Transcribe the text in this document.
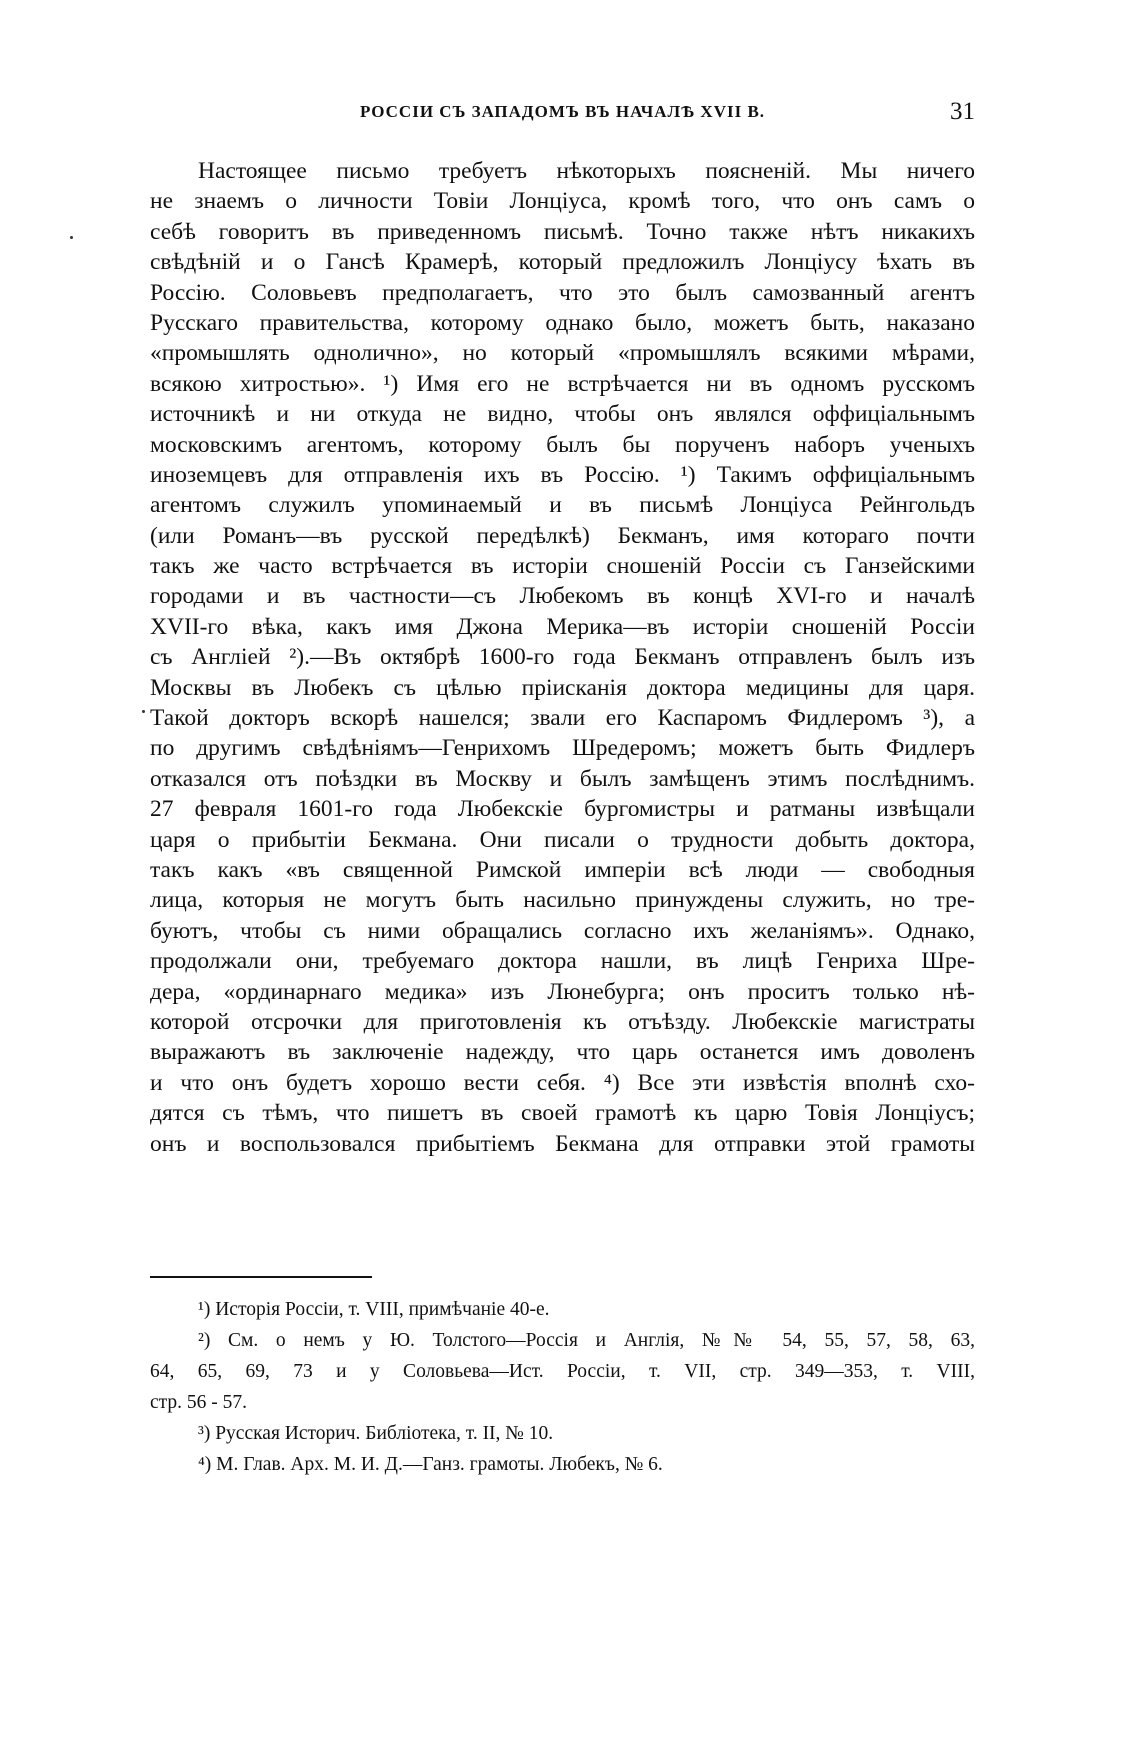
РОССІИ СЪ ЗАПАДОМЪ ВЪ НАЧАЛѢ XVII В.	31
Настоящее письмо требуетъ нѣкоторыхъ поясненій. Мы ничего
не знаемъ о личности Товіи Лонціуса, кромѣ того, что онъ самъ о
себѣ говоритъ въ приведенномъ письмѣ. Точно также нѣтъ никакихъ
свѣдѣній и о Гансѣ Крамерѣ, который предложилъ Лонціусу ѣхать въ
Россію. Соловьевъ предполагаетъ, что это былъ самозванный агентъ
Русскаго правительства, которому однако было, можетъ быть, наказано
«промышлять однолично», но который «промышлялъ всякими мѣрами,
всякою хитростью». ¹) Имя его не встрѣчается ни въ одномъ русскомъ
источникѣ и ни откуда не видно, чтобы онъ являлся оффиціальнымъ
московскимъ агентомъ, которому былъ бы порученъ наборъ ученыхъ
иноземцевъ для отправленія ихъ въ Россію. ¹) Такимъ оффиціальнымъ
агентомъ служилъ упоминаемый и въ письмѣ Лонціуса Рейнгольдъ
(или Романъ—въ русской передѣлкѣ) Бекманъ, имя котораго почти
такъ же часто встрѣчается въ исторіи сношеній Россіи съ Ганзейскими
городами и въ частности—съ Любекомъ въ концѣ XVI-го и началѣ
XVII-го вѣка, какъ имя Джона Мерика—въ исторіи сношеній Россіи
съ Англіей ²).—Въ октябрѣ 1600-го года Бекманъ отправленъ былъ изъ
Москвы въ Любекъ съ цѣлью пріисканія доктора медицины для царя.
Такой докторъ вскорѣ нашелся; звали его Каспаромъ Фидлеромъ ³), а
по другимъ свѣдѣніямъ—Генрихомъ Шредеромъ; можетъ быть Фидлеръ
отказался отъ поѣздки въ Москву и былъ замѣщенъ этимъ послѣднимъ.
27 февраля 1601-го года Любекскіе бургомистры и ратманы извѣщали
царя о прибытіи Бекмана. Они писали о трудности добыть доктора,
такъ какъ «въ священной Римской имперіи всѣ люди — свободныя
лица, которыя не могутъ быть насильно принуждены служить, но тре-
буютъ, чтобы съ ними обращались согласно ихъ желаніямъ». Однако,
продолжали они, требуемаго доктора нашли, въ лицѣ Генриха Шре-
дера, «ординарнаго медика» изъ Люнебурга; онъ проситъ только нѣ-
которой отсрочки для приготовленія къ отъѣзду. Любекскіе магистраты
выражаютъ въ заключеніе надежду, что царь останется имъ доволенъ
и что онъ будетъ хорошо вести себя. ⁴) Все эти извѣстія вполнѣ схо-
дятся съ тѣмъ, что пишетъ въ своей грамотѣ къ царю Товія Лонціусъ;
онъ и воспользовался прибытіемъ Бекмана для отправки этой грамоты
¹) Исторія Россіи, т. VIII, примѣчаніе 40-е.
²) См. о немъ у Ю. Толстого—Россія и Англія, №№ 54, 55, 57, 58, 63,
64, 65, 69, 73 и у Соловьева—Ист. Россіи, т. VII, стр. 349—353, т. VIII,
стр. 56 - 57.
³) Русская Историч. Библіотека, т. II, № 10.
⁴) М. Глав. Арх. М. И. Д.—Ганз. грамоты. Любекъ, № 6.
